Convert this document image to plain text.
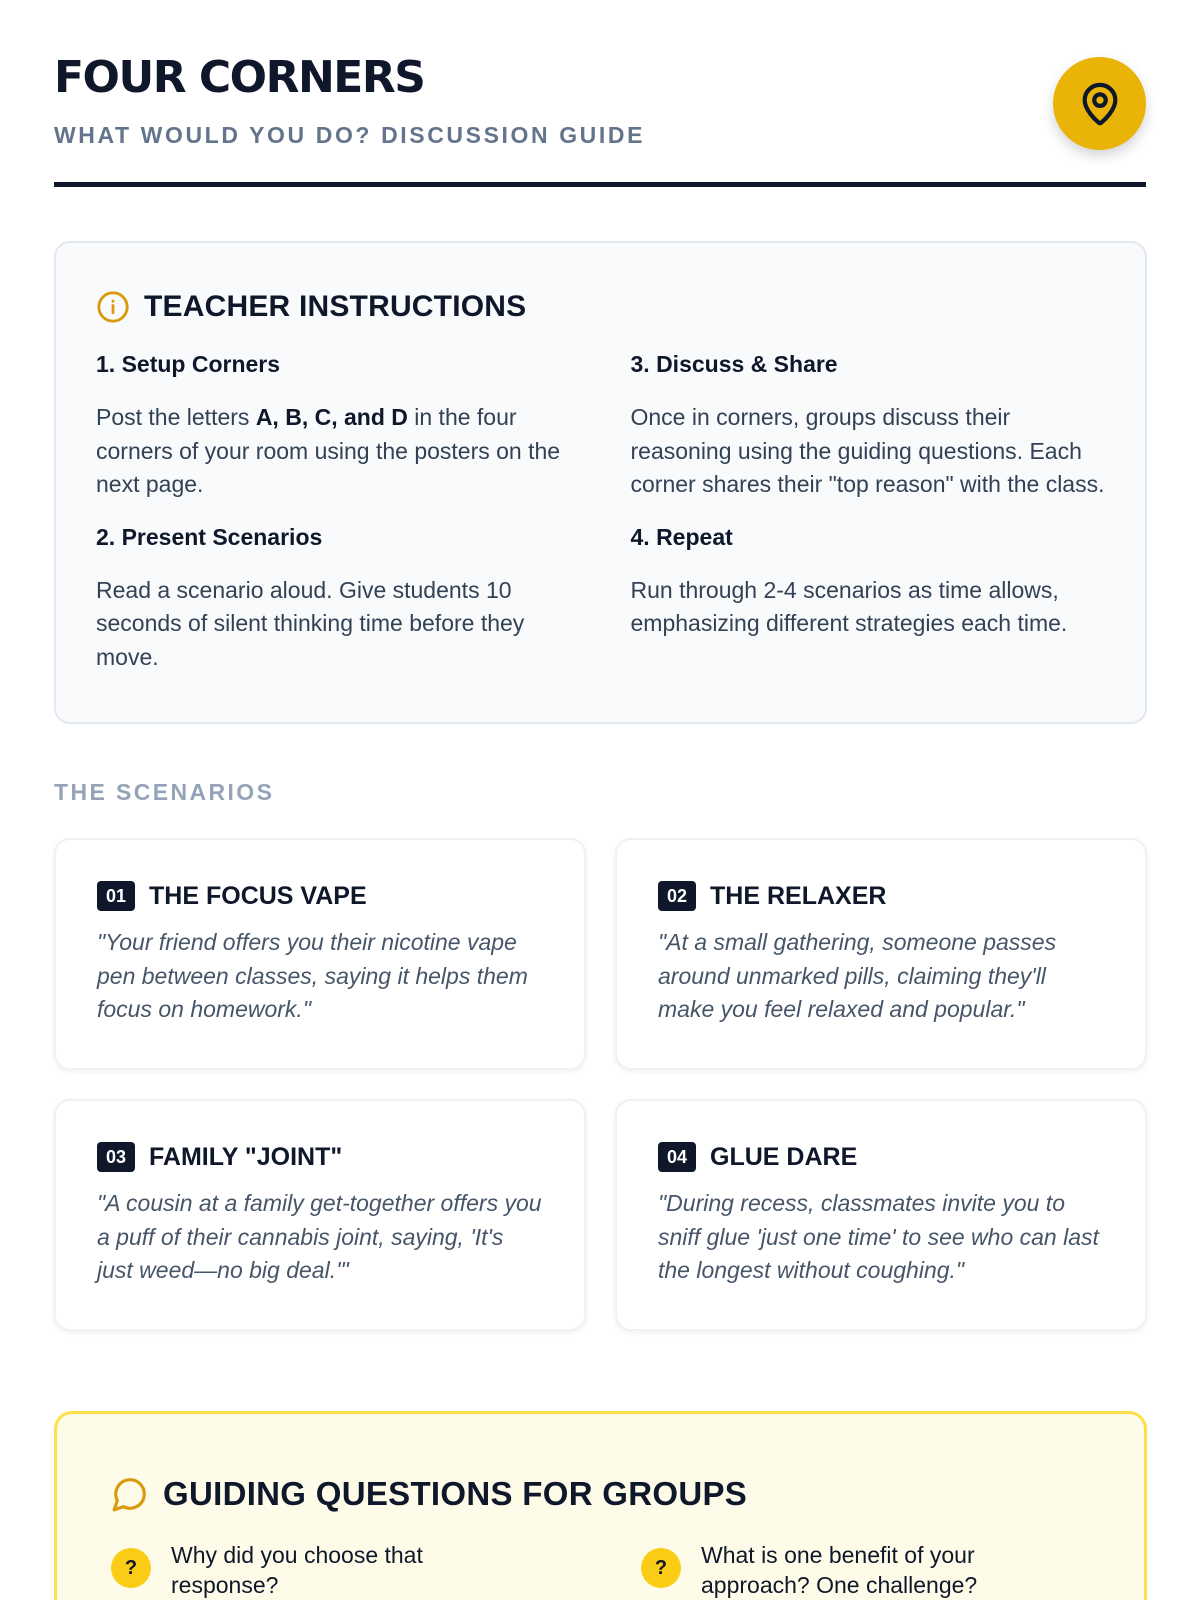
FOUR CORNERS
WHAT WOULD YOU DO? DISCUSSION GUIDE
TEACHER INSTRUCTIONS

1. Setup Corners

Post the letters A, B, C, and D in the four corners of your room using the posters on the next page.

2. Present Scenarios

Read a scenario aloud. Give students 10 seconds of silent thinking time before they move.

3. Discuss & Share

Once in corners, groups discuss their reasoning using the guiding questions. Each corner shares their "top reason" with the class.

4. Repeat

Run through 2-4 scenarios as time allows, emphasizing different strategies each time.

THE SCENARIOS
01 THE FOCUS VAPE

"Your friend offers you their nicotine vape pen between classes, saying it helps them focus on homework."

02 THE RELAXER

"At a small gathering, someone passes around unmarked pills, claiming they'll make you feel relaxed and popular."

03 FAMILY "JOINT"

"A cousin at a family get-together offers you a puff of their cannabis joint, saying, 'It's just weed—no big deal.'"

04 GLUE DARE

"During recess, classmates invite you to sniff glue 'just one time' to see who can last the longest without coughing."

GUIDING QUESTIONS FOR GROUPS
?	Why did you choose that response?

?	What is one benefit of your approach? One challenge?
